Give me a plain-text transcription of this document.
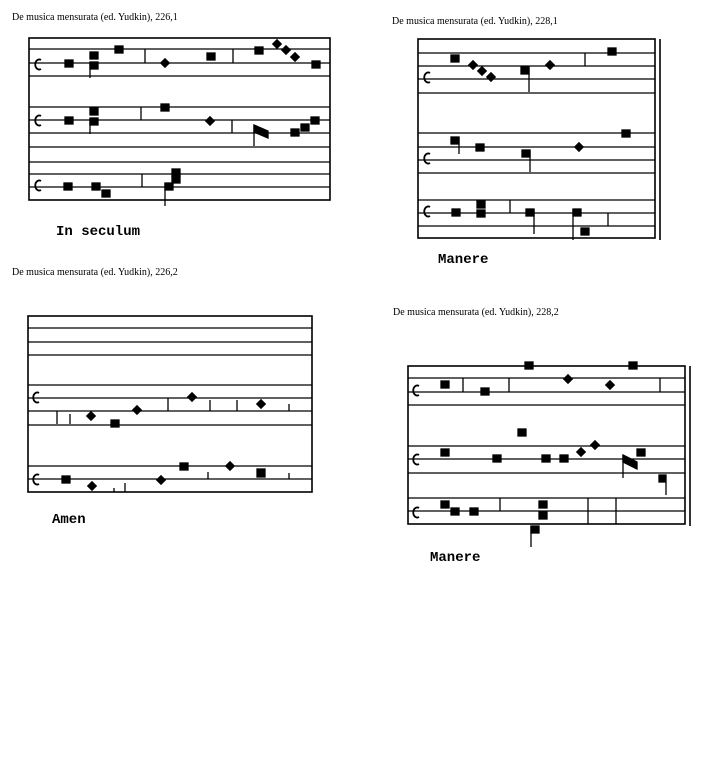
De musica mensurata (ed. Yudkin), 226,1
In seculum
De musica mensurata (ed. Yudkin), 228,1
Manere
De musica mensurata (ed. Yudkin), 226,2
Amen
De musica mensurata (ed. Yudkin), 228,2
Manere
